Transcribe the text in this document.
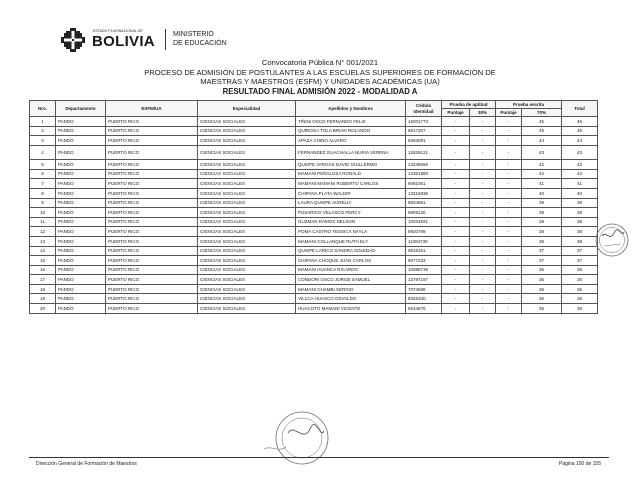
ESTADO PLURINACIONAL DE
BOLIVIA	MINISTERIO
DE EDUCACIÓN
Convocatoria Pública N° 001/2021
PROCESO DE ADMISIÓN DE POSTULANTES A LAS ESCUELAS SUPERIORES DE FORMACIÓN DE
MAESTRAS Y MAESTROS (ESFM) Y UNIDADES ACADÉMICAS (UA)
RESULTADO FINAL ADMISIÓN 2022 - MODALIDAD A
Nro.	Departamento	ESFM/UA	Especialidad	Apellidos y Nombres	Cédula Identidad	Prueba de aptitud		Prueba escrita		Total
						Puntaje	30%	Puntaje	70%	
1	PANDO	PUERTO RICO	CIENCIAS SOCIALES	TIÑINI OSCO FERNANDO FELIX	15001773	-	-	-	45	46
2	PANDO	PUERTO RICO	CIENCIAS SOCIALES	QUIROGA TOLA BRIAN ROLANDO	8817307	-	-	-	45	45
3	PANDO	PUERTO RICO	CIENCIAS SOCIALES	APAZA CHINO ALVARO	8294081	-	-	-	44	44
4	PANDO	PUERTO RICO	CIENCIAS SOCIALES	FERNANDEZ GUACHALLA NURIA VERENA	12829121	-	-	-	43	43
5	PANDO	PUERTO RICO	CIENCIAS SOCIALES	QUISPE VARGAS DAVID GUILLERMO	13248656	-	-	-	42	42
6	PANDO	PUERTO RICO	CIENCIAS SOCIALES	MAMANI PEÑALOZA RONALD	12361860	-	-	-	42	42
7	PANDO	PUERTO RICO	CIENCIAS SOCIALES	MAMANI MAMANI ROBERTO CARLOS	9091051	-	-	-	41	41
8	PANDO	PUERTO RICO	CIENCIAS SOCIALES	CHIPANA PLATA WALDIR	13316836	-	-	-	40	40
9	PANDO	PUERTO RICO	CIENCIAS SOCIALES	LAURA QUISPE AURELIA	9934681	-	-	-	39	39
10	PANDO	PUERTO RICO	CIENCIAS SOCIALES	PUSARICO VELASCO PERCY	9909120	-	-	-	39	39
11	PANDO	PUERTO RICO	CIENCIAS SOCIALES	GUZMAN RAMOS NELSON	10034921	-	-	-	38	38
12	PANDO	PUERTO RICO	CIENCIAS SOCIALES	POMA CASTRO YESSICA NAYLA	9920799	-	-	-	38	38
13	PANDO	PUERTO RICO	CIENCIAS SOCIALES	MAMANI COLLANQUE RUTH ELY	11084739	-	-	-	38	38
14	PANDO	PUERTO RICO	CIENCIAS SOCIALES	QUISPE LARICO SANDRA SOLEDAD	9918161	-	-	-	37	37
15	PANDO	PUERTO RICO	CIENCIAS SOCIALES	CHIPANA CHOQUE JUAN CARLOS	9077233	-	-	-	37	37
16	PANDO	PUERTO RICO	CIENCIAS SOCIALES	MAMANI HUANCA RICARDO	10098736	-	-	-	36	36
17	PANDO	PUERTO RICO	CIENCIAS SOCIALES	CONDORI OSCO JORGE SAMUEL	13797197	-	-	-	36	36
18	PANDO	PUERTO RICO	CIENCIAS SOCIALES	MAMANI CHAMBI SERGIO	7074588	-	-	-	36	36
19	PANDO	PUERTO RICO	CIENCIAS SOCIALES	VILLCA HUASCO OSVALDO	8345340	-	-	-	36	36
20	PANDO	PUERTO RICO	CIENCIAS SOCIALES	HUACOTO MAMANI VICENTE	9244876	-	-	-	36	36
Dirección General de Formación de Maestros	Página 150 de 155
